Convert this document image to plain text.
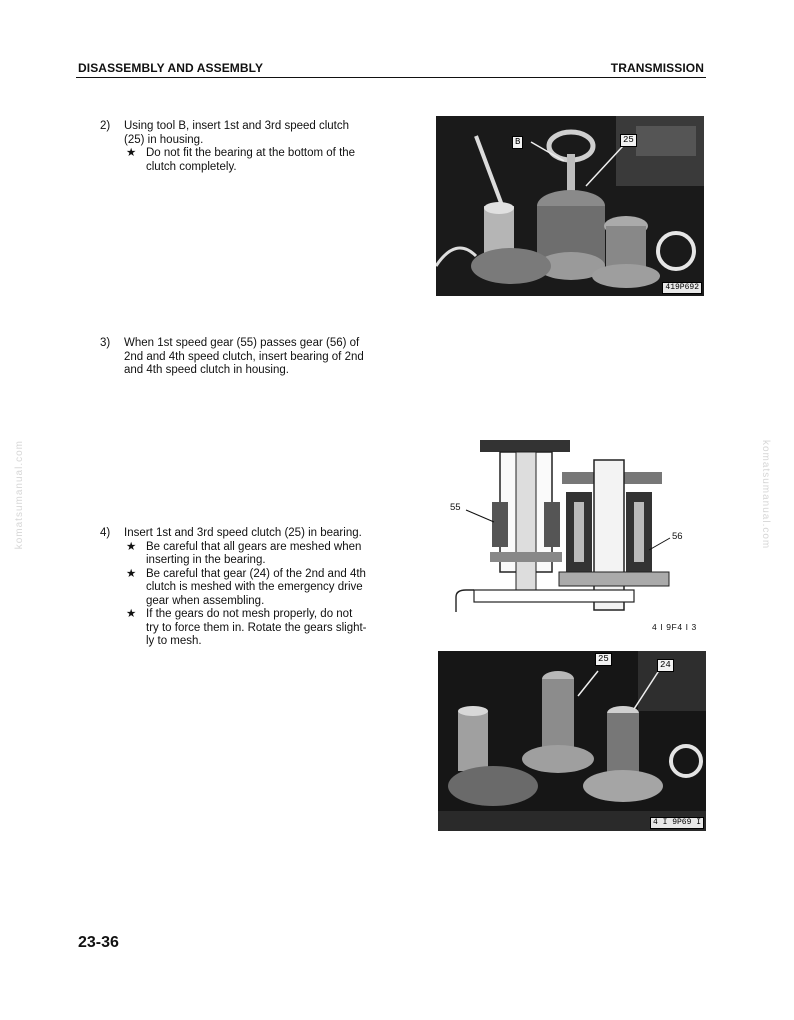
DISASSEMBLY AND ASSEMBLY	TRANSMISSION
komatsumanual.com	komatsumanual.com
2) Using tool B, insert 1st and 3rd speed clutch
(25) in housing.
★ Do not fit the bearing at the bottom of the
clutch completely.
3) When 1st speed gear (55) passes gear (56) of
2nd and 4th speed clutch, insert bearing of 2nd
and 4th speed clutch in housing.
4) Insert 1st and 3rd speed clutch (25) in bearing.
★ Be careful that all gears are meshed when
inserting in the bearing.
★ Be careful that gear (24) of the 2nd and 4th
clutch is meshed with the emergency drive
gear when assembling.
★ If the gears do not mesh properly, do not
try to force them in. Rotate the gears slight-
ly to mesh.
B	25
419P692
55
56
4 I 9F4 I 3
25
24
4 I 9P69 I
23-36
